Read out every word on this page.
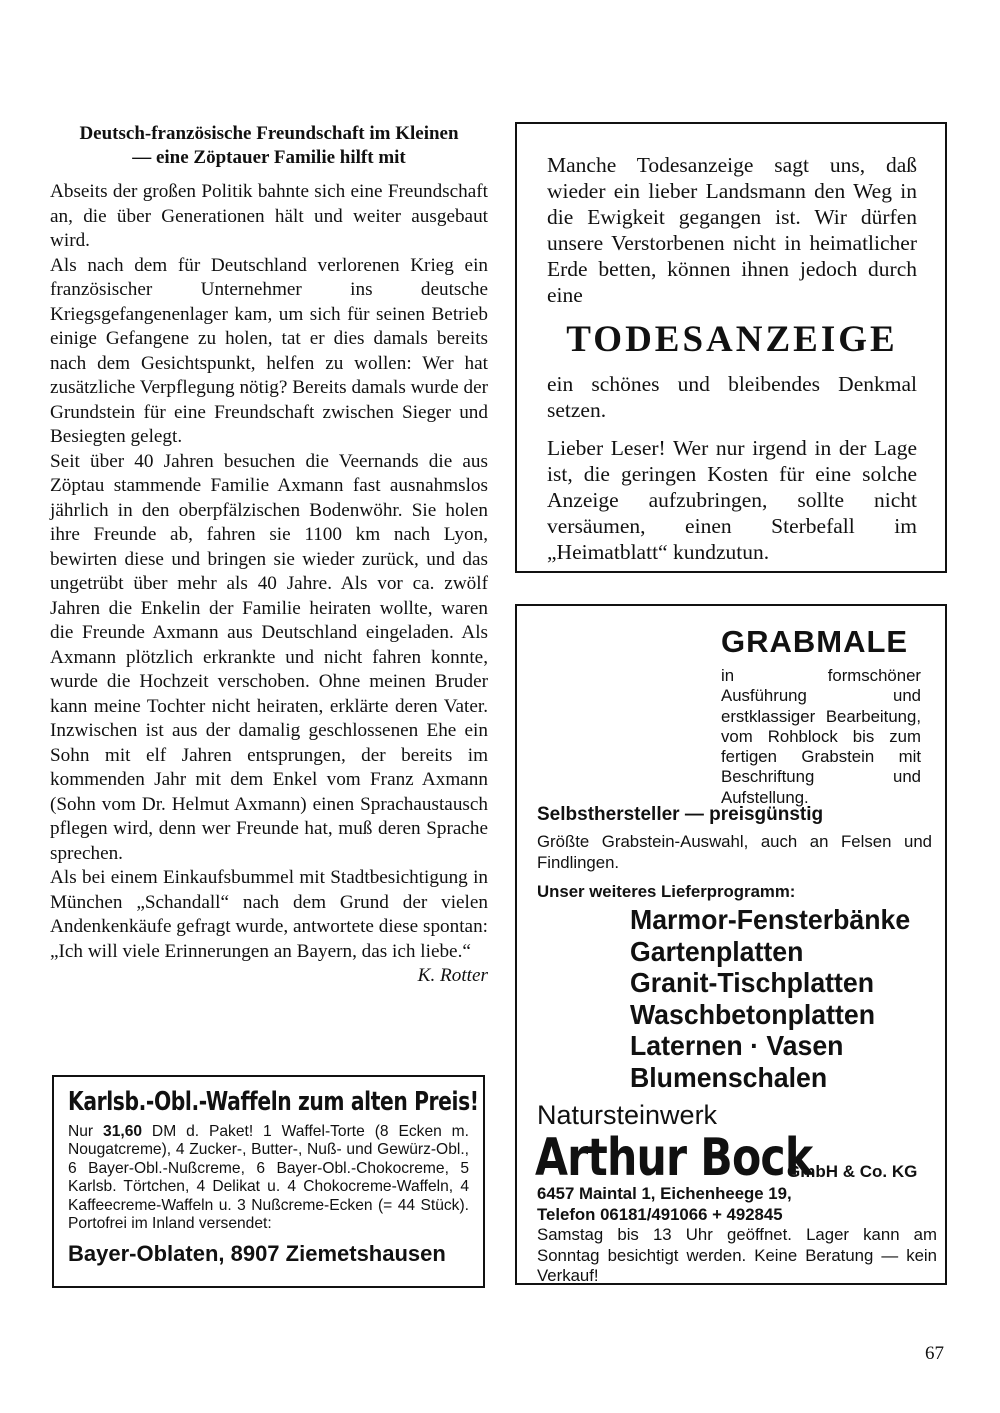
Deutsch-französische Freundschaft im Kleinen
— eine Zöptauer Familie hilft mit

Abseits der großen Politik bahnte sich eine Freundschaft an, die über Generationen hält und weiter ausgebaut wird.

Als nach dem für Deutschland verlorenen Krieg ein französischer Unternehmer ins deutsche Kriegsgefangenenlager kam, um sich für seinen Betrieb einige Gefangene zu holen, tat er dies damals bereits nach dem Gesichtspunkt, helfen zu wollen: Wer hat zusätzliche Verpflegung nötig? Bereits damals wurde der Grundstein für eine Freundschaft zwischen Sieger und Besiegten gelegt.

Seit über 40 Jahren besuchen die Veernands die aus Zöptau stammende Familie Axmann fast ausnahmslos jährlich in den oberpfälzischen Bodenwöhr. Sie holen ihre Freunde ab, fahren sie 1100 km nach Lyon, bewirten diese und bringen sie wieder zurück, und das ungetrübt über mehr als 40 Jahre. Als vor ca. zwölf Jahren die Enkelin der Familie heiraten wollte, waren die Freunde Axmann aus Deutschland eingeladen. Als Axmann plötzlich erkrankte und nicht fahren konnte, wurde die Hochzeit verschoben. Ohne meinen Bruder kann meine Tochter nicht heiraten, erklärte deren Vater. Inzwischen ist aus der damalig geschlossenen Ehe ein Sohn mit elf Jahren entsprungen, der bereits im kommenden Jahr mit dem Enkel vom Franz Axmann (Sohn vom Dr. Helmut Axmann) einen Sprachaustausch pflegen wird, denn wer Freunde hat, muß deren Sprache sprechen.

Als bei einem Einkaufsbummel mit Stadtbesichtigung in München „Schandall“ nach dem Grund der vielen Andenkenkäufe gefragt wurde, antwortete diese spontan: „Ich will viele Erinnerungen an Bayern, das ich liebe.“

K. Rotter

Manche Todesanzeige sagt uns, daß wieder ein lieber Landsmann den Weg in die Ewigkeit gegangen ist. Wir dürfen unsere Verstorbenen nicht in heimatlicher Erde betten, können ihnen jedoch durch eine

TODESANZEIGE

ein schönes und bleibendes Denkmal setzen.

Lieber Leser! Wer nur irgend in der Lage ist, die geringen Kosten für eine solche Anzeige aufzubringen, sollte nicht versäumen, einen Sterbefall im „Heimatblatt“ kundzutun.

GRABMALE
in formschöner Ausführung und erstklassiger Bearbeitung, vom Rohblock bis zum fertigen Grabstein mit Beschriftung und Aufstellung.
Selbsthersteller — preisgünstig
Größte Grabstein-Auswahl, auch an Felsen und Findlingen.
Unser weiteres Lieferprogramm:
Marmor-Fensterbänke
Gartenplatten
Granit-Tischplatten
Waschbetonplatten
Laternen · Vasen
Blumenschalen
Natursteinwerk
Arthur Bock
GmbH & Co. KG
6457 Maintal 1, Eichenheege 19,
Telefon 06181/491066 + 492845
Samstag bis 13 Uhr geöffnet. Lager kann am Sonntag besichtigt werden. Keine Beratung — kein Verkauf!
Karlsb.-Obl.-Waffeln zum alten Preis!
Nur 31,60 DM d. Paket! 1 Waffel-Torte (8 Ecken m. Nougatcreme), 4 Zucker-, Butter-, Nuß- und Gewürz-Obl., 6 Bayer-Obl.-Nußcreme, 6 Bayer-Obl.-Chokocreme, 5 Karlsb. Törtchen, 4 Delikat u. 4 Chokocreme-Waffeln, 4 Kaffeecreme-Waffeln u. 3 Nußcreme-Ecken (= 44 Stück). Portofrei im Inland versendet:
Bayer-Oblaten, 8907 Ziemetshausen
67
